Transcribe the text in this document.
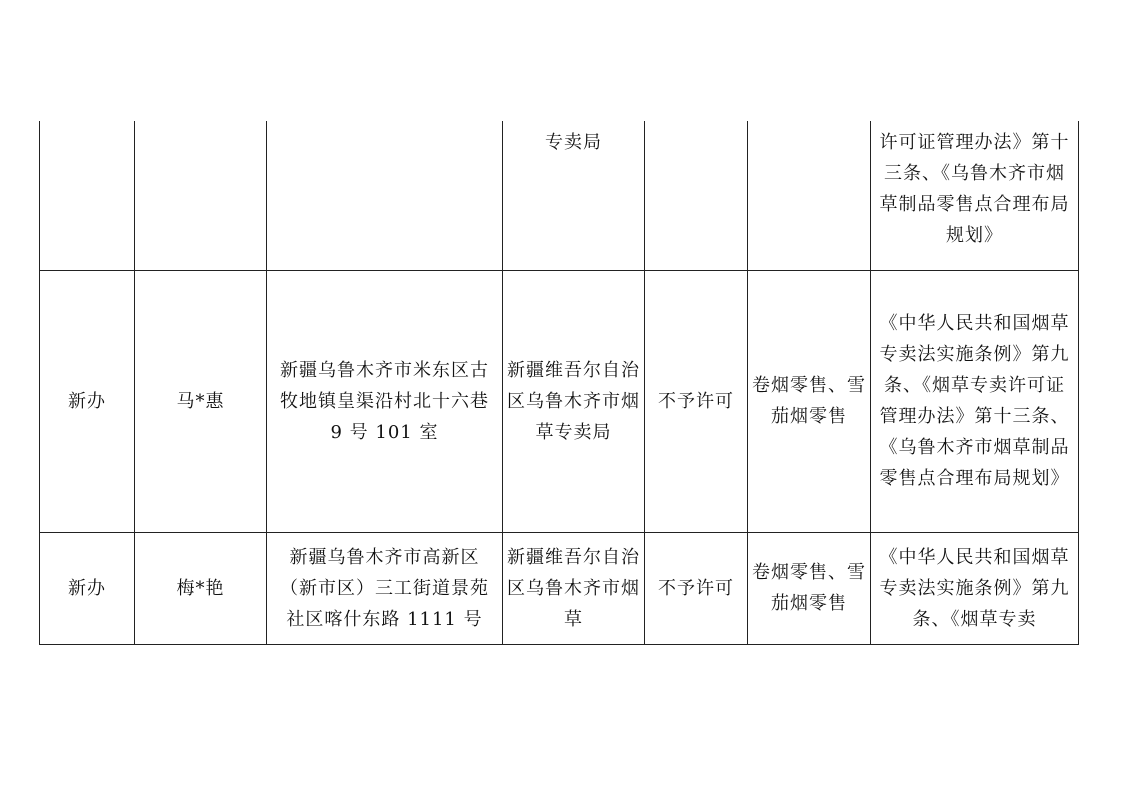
			专卖局			许可证管理办法》第十三条、《乌鲁木齐市烟草制品零售点合理布局规划》
新办	马*惠	新疆乌鲁木齐市米东区古牧地镇皇渠沿村北十六巷 9 号 101 室	新疆维吾尔自治区乌鲁木齐市烟草专卖局	不予许可	卷烟零售、雪茄烟零售	《中华人民共和国烟草专卖法实施条例》第九条、《烟草专卖许可证管理办法》第十三条、《乌鲁木齐市烟草制品零售点合理布局规划》
新办	梅*艳	新疆乌鲁木齐市高新区（新市区）三工街道景苑社区喀什东路 1111 号	新疆维吾尔自治区乌鲁木齐市烟草	不予许可	卷烟零售、雪茄烟零售	《中华人民共和国烟草专卖法实施条例》第九条、《烟草专卖
